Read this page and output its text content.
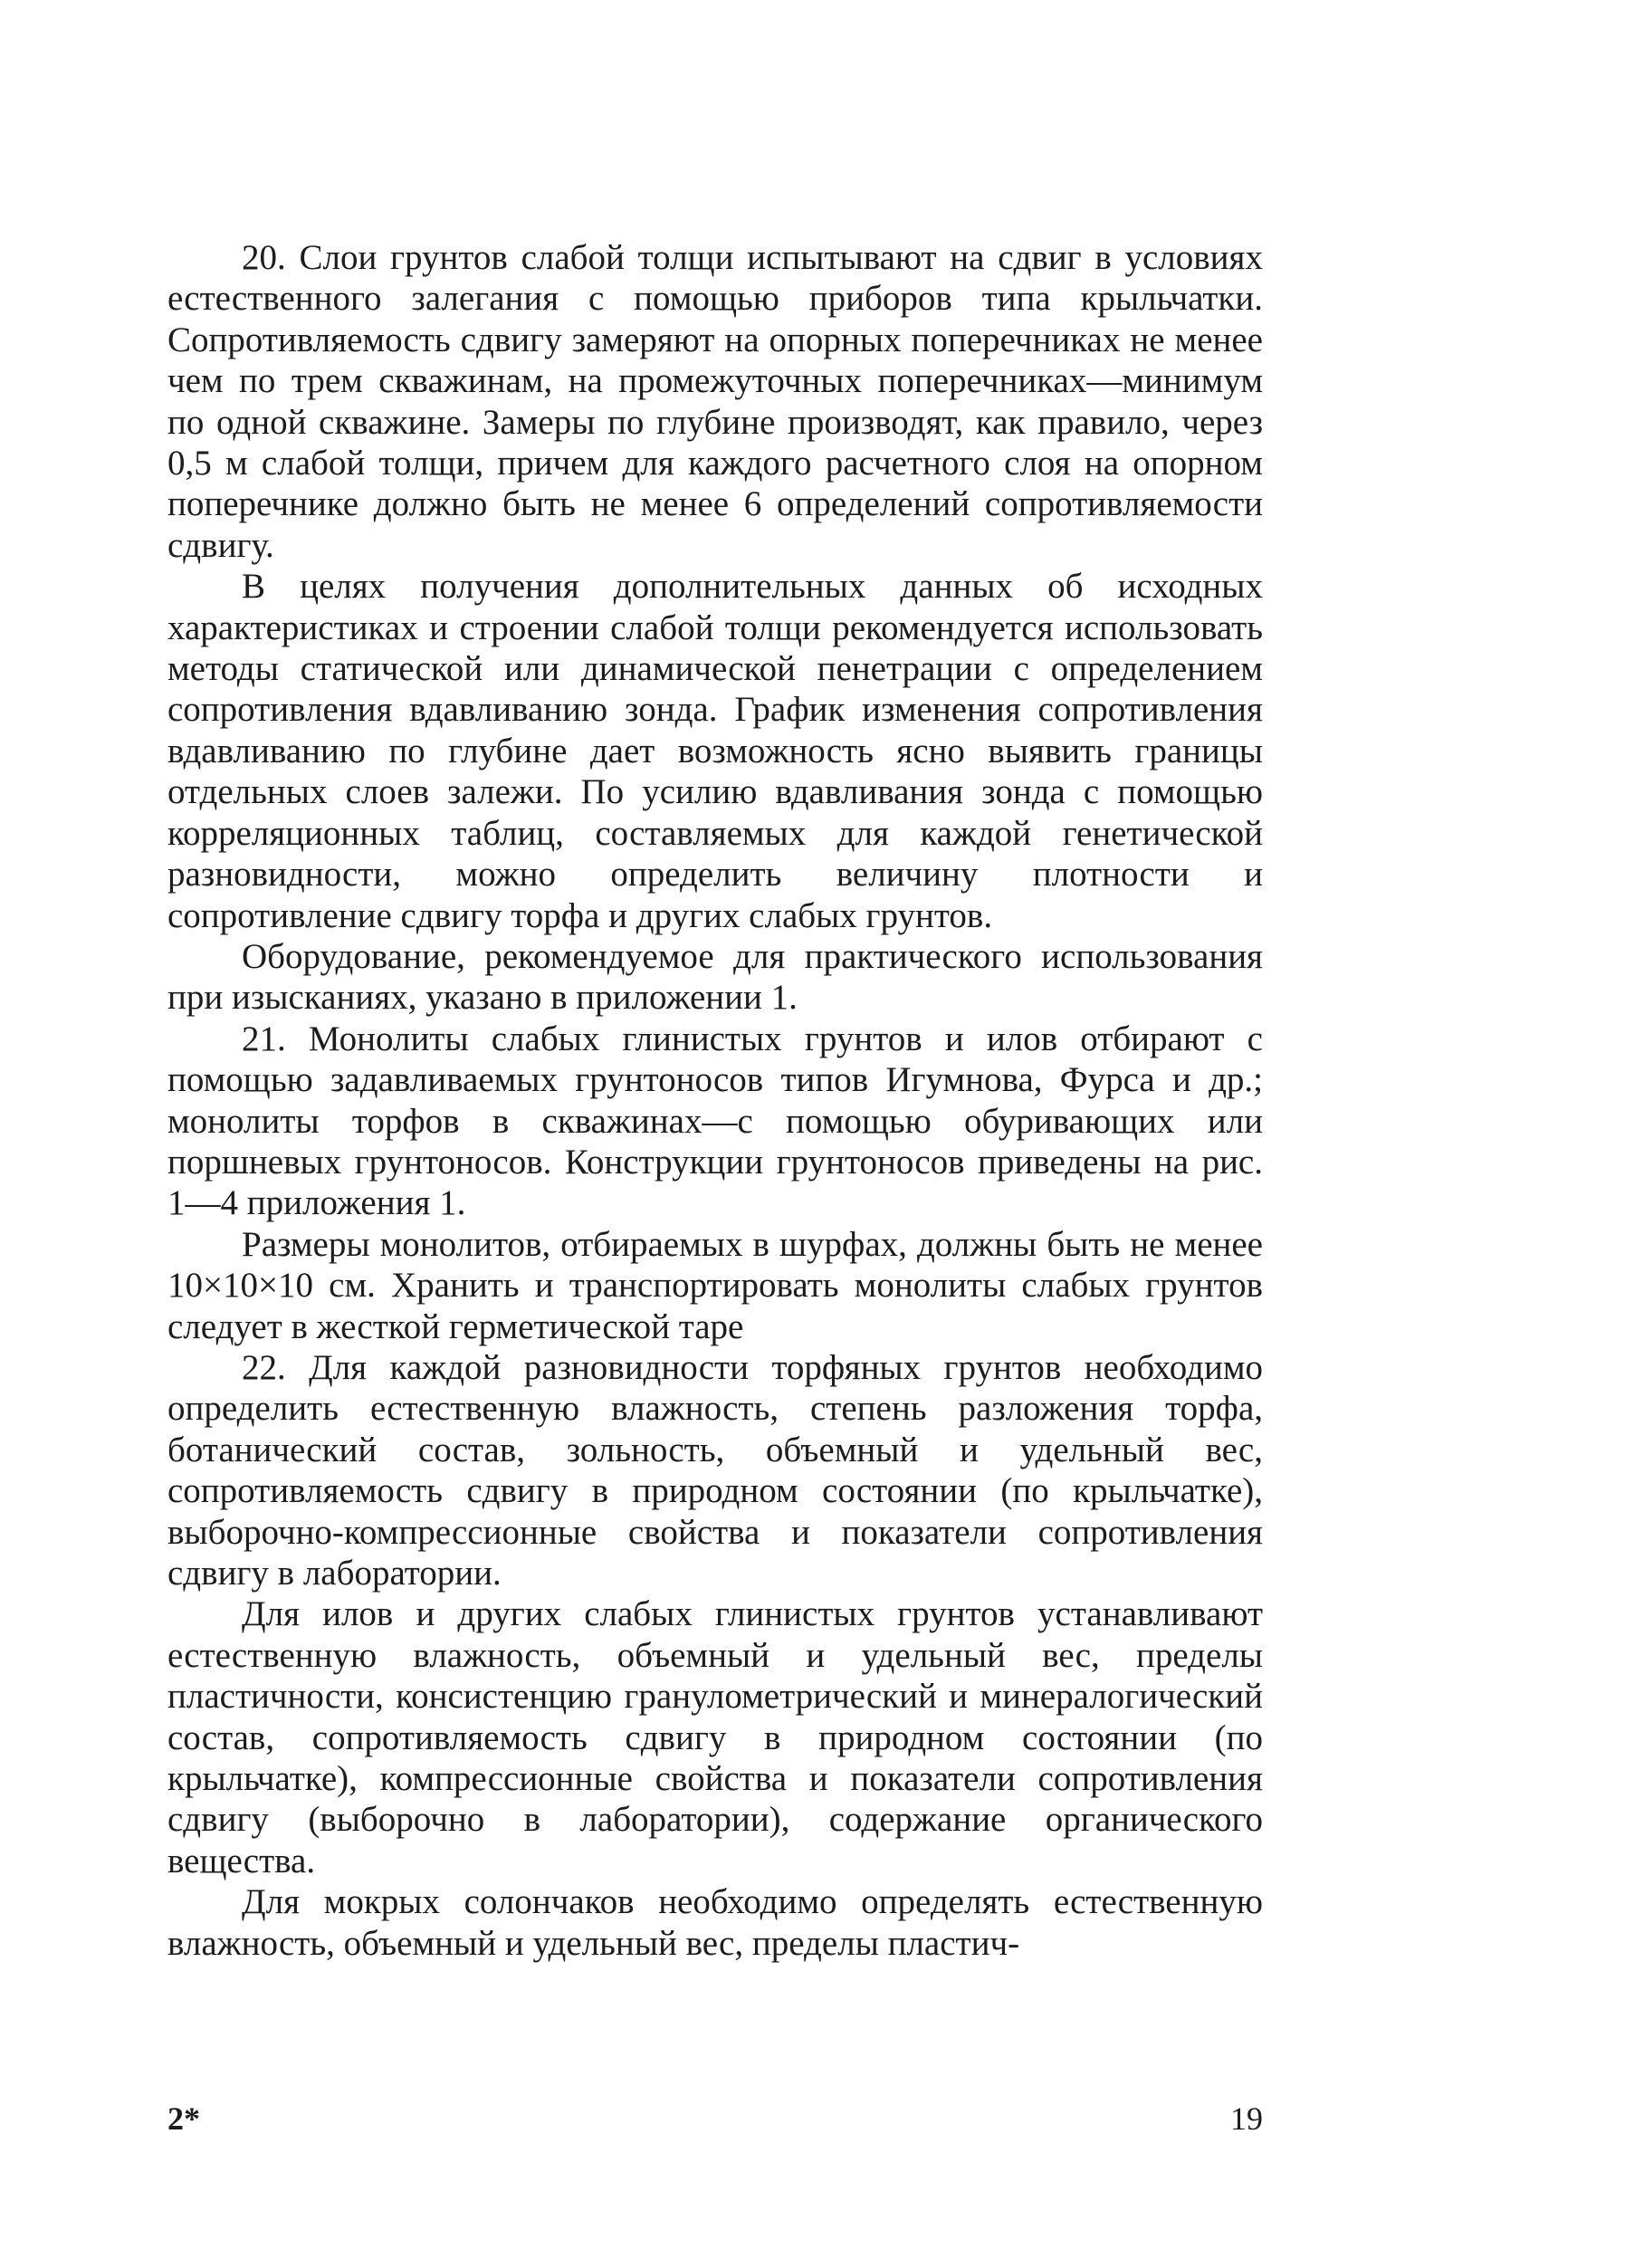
20. Слои грунтов слабой толщи испытывают на сдвиг в условиях естественного залегания с помощью приборов типа крыльчатки. Сопротивляемость сдвигу замеряют на опорных поперечниках не менее чем по трем скважинам, на промежуточных поперечниках—минимум по одной скважине. Замеры по глубине производят, как правило, через 0,5 м слабой толщи, причем для каждого расчетного слоя на опорном поперечнике должно быть не менее 6 определений сопротивляемости сдвигу.

В целях получения дополнительных данных об исходных характеристиках и строении слабой толщи рекомендуется использовать методы статической или динамической пенетрации с определением сопротивления вдавливанию зонда. График изменения сопротивления вдавливанию по глубине дает возможность ясно выявить границы отдельных слоев залежи. По усилию вдавливания зонда с помощью корреляционных таблиц, составляемых для каждой генетической разновидности, можно определить величину плотности и сопротивление сдвигу торфа и других слабых грунтов.

Оборудование, рекомендуемое для практического использования при изысканиях, указано в приложении 1.

21. Монолиты слабых глинистых грунтов и илов отбирают с помощью задавливаемых грунтоносов типов Игумнова, Фурса и др.; монолиты торфов в скважинах—с помощью обуривающих или поршневых грунтоносов. Конструкции грунтоносов приведены на рис. 1—4 приложения 1.

Размеры монолитов, отбираемых в шурфах, должны быть не менее 10×10×10 см. Хранить и транспортировать монолиты слабых грунтов следует в жесткой герметической таре

22. Для каждой разновидности торфяных грунтов необходимо определить естественную влажность, степень разложения торфа, ботанический состав, зольность, объемный и удельный вес, сопротивляемость сдвигу в природном состоянии (по крыльчатке), выборочно-компрессионные свойства и показатели сопротивления сдвигу в лаборатории.

Для илов и других слабых глинистых грунтов устанавливают естественную влажность, объемный и удельный вес, пределы пластичности, консистенцию гранулометрический и минералогический состав, сопротивляемость сдвигу в природном состоянии (по крыльчатке), компрессионные свойства и показатели сопротивления сдвигу (выборочно в лаборатории), содержание органического вещества.

Для мокрых солончаков необходимо определять естественную влажность, объемный и удельный вес, пределы пластич-

2*	19
